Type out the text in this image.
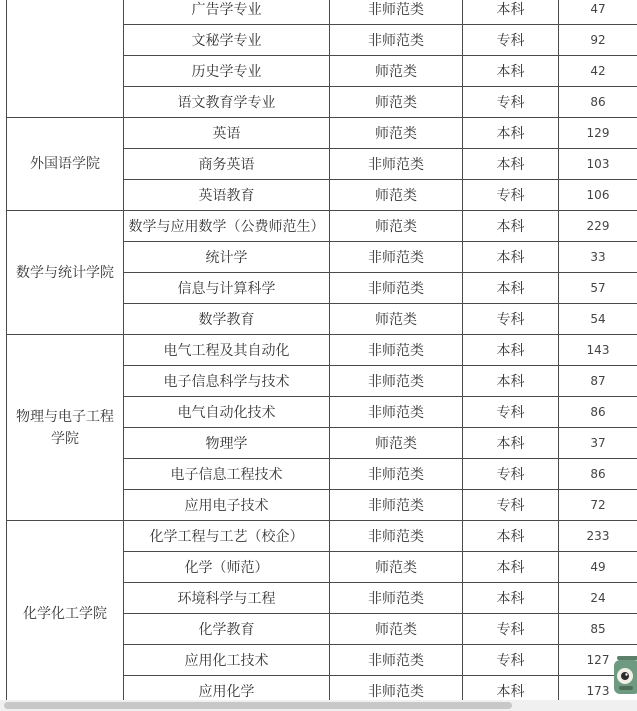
	广告学专业	非师范类	本科	47
	文秘学专业	非师范类	专科	92
	历史学专业	师范类	本科	42
	语文教育学专业	师范类	专科	86
外国语学院	英语	师范类	本科	129
	商务英语	非师范类	本科	103
	英语教育	师范类	专科	106
数学与统计学院	数学与应用数学（公费师范生）	师范类	本科	229
	统计学	非师范类	本科	33
	信息与计算科学	非师范类	本科	57
	数学教育	师范类	专科	54
物理与电子工程学院	电气工程及其自动化	非师范类	本科	143
	电子信息科学与技术	非师范类	本科	87
	电气自动化技术	非师范类	专科	86
	物理学	师范类	本科	37
	电子信息工程技术	非师范类	专科	86
	应用电子技术	非师范类	专科	72
化学化工学院	化学工程与工艺（校企）	非师范类	本科	233
	化学（师范）	师范类	本科	49
	环境科学与工程	非师范类	本科	24
	化学教育	师范类	专科	85
	应用化工技术	非师范类	专科	127
	应用化学	非师范类	本科	173
